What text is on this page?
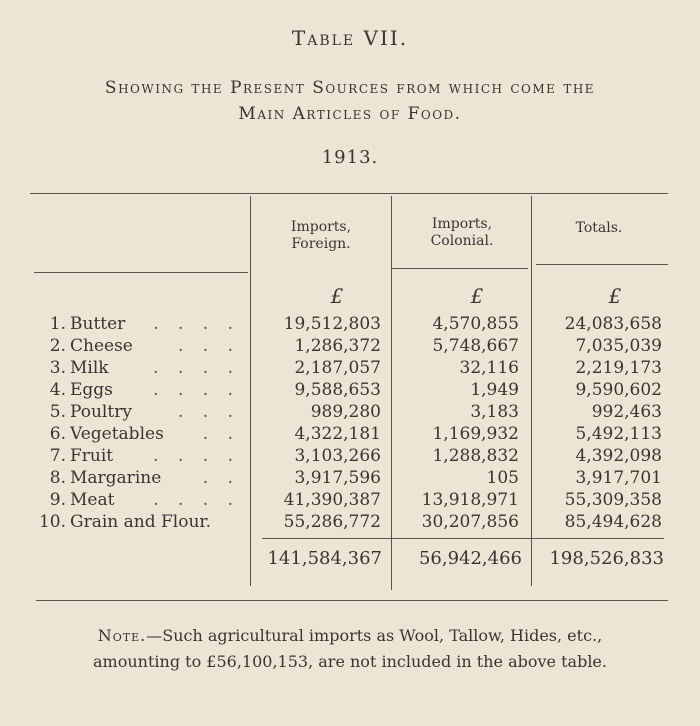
Table VII.
Showing the Present Sources from which come the
Main Articles of Food.
1913.
Imports,
Foreign.
Imports,
Colonial.
Totals.
£	£	£
1. Butter	. . . .	19,512,803	4,570,855	24,083,658
2. Cheese	. . .	1,286,372	5,748,667	7,035,039
3. Milk	. . . .	2,187,057	32,116	2,219,173
4. Eggs	. . . .	9,588,653	1,949	9,590,602
5. Poultry	. . .	989,280	3,183	992,463
6. Vegetables	. .	4,322,181	1,169,932	5,492,113
7. Fruit	. . . .	3,103,266	1,288,832	4,392,098
8. Margarine	. .	3,917,596	105	3,917,701
9. Meat	. . . .	41,390,387	13,918,971	55,309,358
10. Grain and Flour.	55,286,772	30,207,856	85,494,628
141,584,367	56,942,466	198,526,833
Note.—Such agricultural imports as Wool, Tallow, Hides, etc.,
amounting to £56,100,153, are not included in the above table.
